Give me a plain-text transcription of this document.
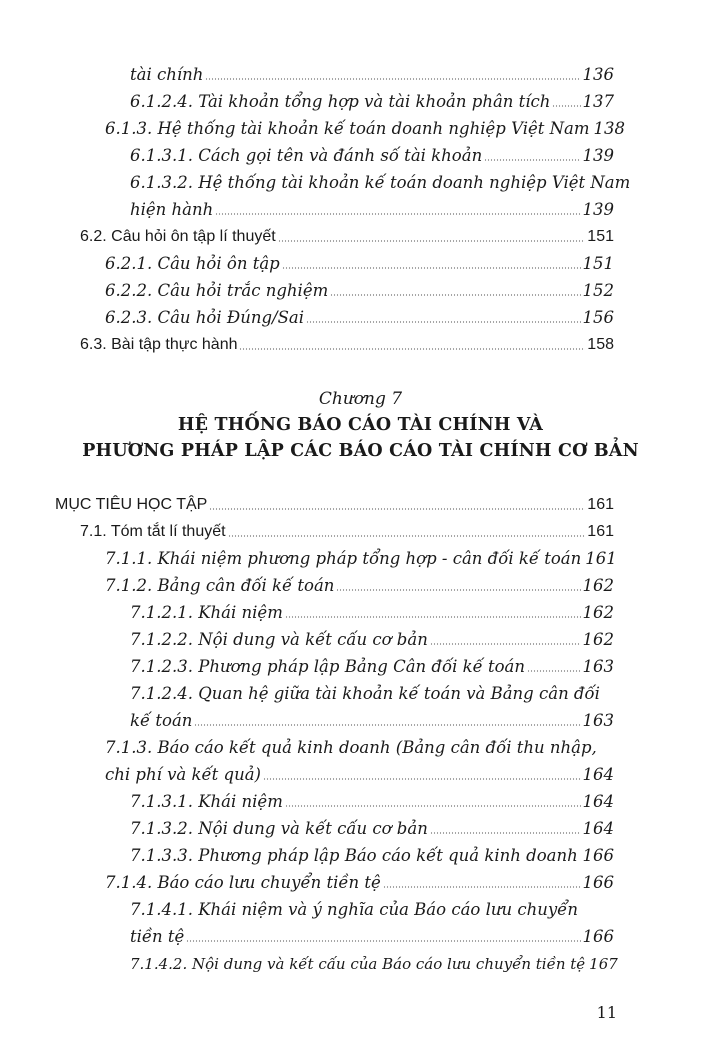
tài chính	136
6.1.2.4. Tài khoản tổng hợp và tài khoản phân tích 137
6.1.3. Hệ thống tài khoản kế toán doanh nghiệp Việt Nam 138
6.1.3.1. Cách gọi tên và đánh số tài khoản	139
6.1.3.2. Hệ thống tài khoản kế toán doanh nghiệp Việt Nam
hiện hành	139
6.2. Câu hỏi ôn tập lí thuyết	151
6.2.1. Câu hỏi ôn tập	151
6.2.2. Câu hỏi trắc nghiệm	152
6.2.3. Câu hỏi Đúng/Sai	156
6.3. Bài tập thực hành	158
Chương 7
HỆ THỐNG BÁO CÁO TÀI CHÍNH VÀ
PHƯƠNG PHÁP LẬP CÁC BÁO CÁO TÀI CHÍNH CƠ BẢN
MỤC TIÊU HỌC TẬP	161
7.1. Tóm tắt lí thuyết	161
7.1.1. Khái niệm phương pháp tổng hợp - cân đối kế toán 161
7.1.2. Bảng cân đối kế toán	162
7.1.2.1. Khái niệm	162
7.1.2.2. Nội dung và kết cấu cơ bản	162
7.1.2.3. Phương pháp lập Bảng Cân đối kế toán	163
7.1.2.4. Quan hệ giữa tài khoản kế toán và Bảng cân đối
kế toán	163
7.1.3. Báo cáo kết quả kinh doanh (Bảng cân đối thu nhập,
chi phí và kết quả)	164
7.1.3.1. Khái niệm	164
7.1.3.2. Nội dung và kết cấu cơ bản	164
7.1.3.3. Phương pháp lập Báo cáo kết quả kinh doanh 166
7.1.4. Báo cáo lưu chuyển tiền tệ	166
7.1.4.1. Khái niệm và ý nghĩa của Báo cáo lưu chuyển
tiền tệ	166
7.1.4.2. Nội dung và kết cấu của Báo cáo lưu chuyển tiền tệ 167
11
